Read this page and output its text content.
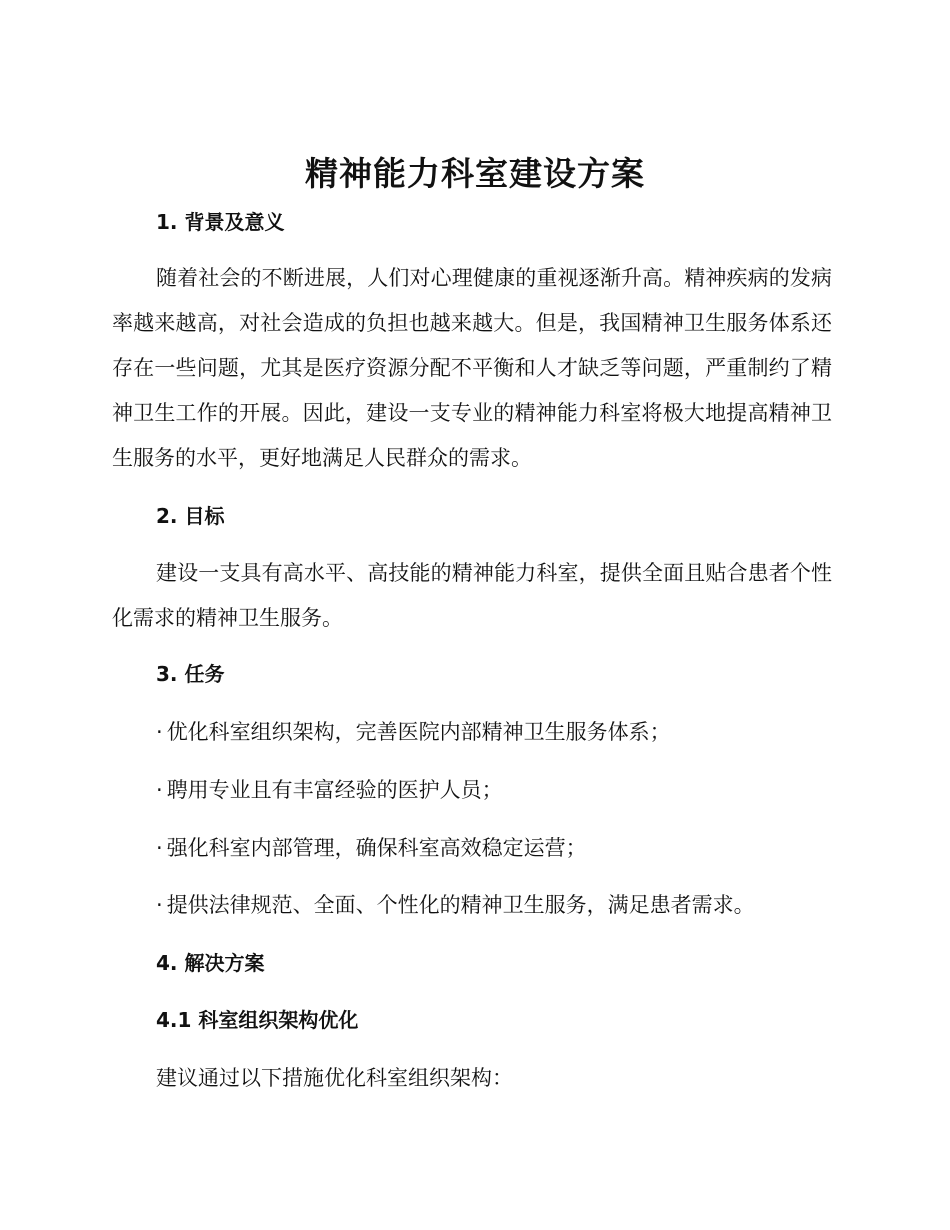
精神能力科室建设方案
1. 背景及意义
随着社会的不断进展，人们对心理健康的重视逐渐升高。精神疾病的发病率越来越高，对社会造成的负担也越来越大。但是，我国精神卫生服务体系还存在一些问题，尤其是医疗资源分配不平衡和人才缺乏等问题，严重制约了精神卫生工作的开展。因此，建设一支专业的精神能力科室将极大地提高精神卫生服务的水平，更好地满足人民群众的需求。
2. 目标
建设一支具有高水平、高技能的精神能力科室，提供全面且贴合患者个性化需求的精神卫生服务。
3. 任务
· 优化科室组织架构，完善医院内部精神卫生服务体系；
· 聘用专业且有丰富经验的医护人员；
· 强化科室内部管理，确保科室高效稳定运营；
· 提供法律规范、全面、个性化的精神卫生服务，满足患者需求。
4. 解决方案
4.1 科室组织架构优化
建议通过以下措施优化科室组织架构：
